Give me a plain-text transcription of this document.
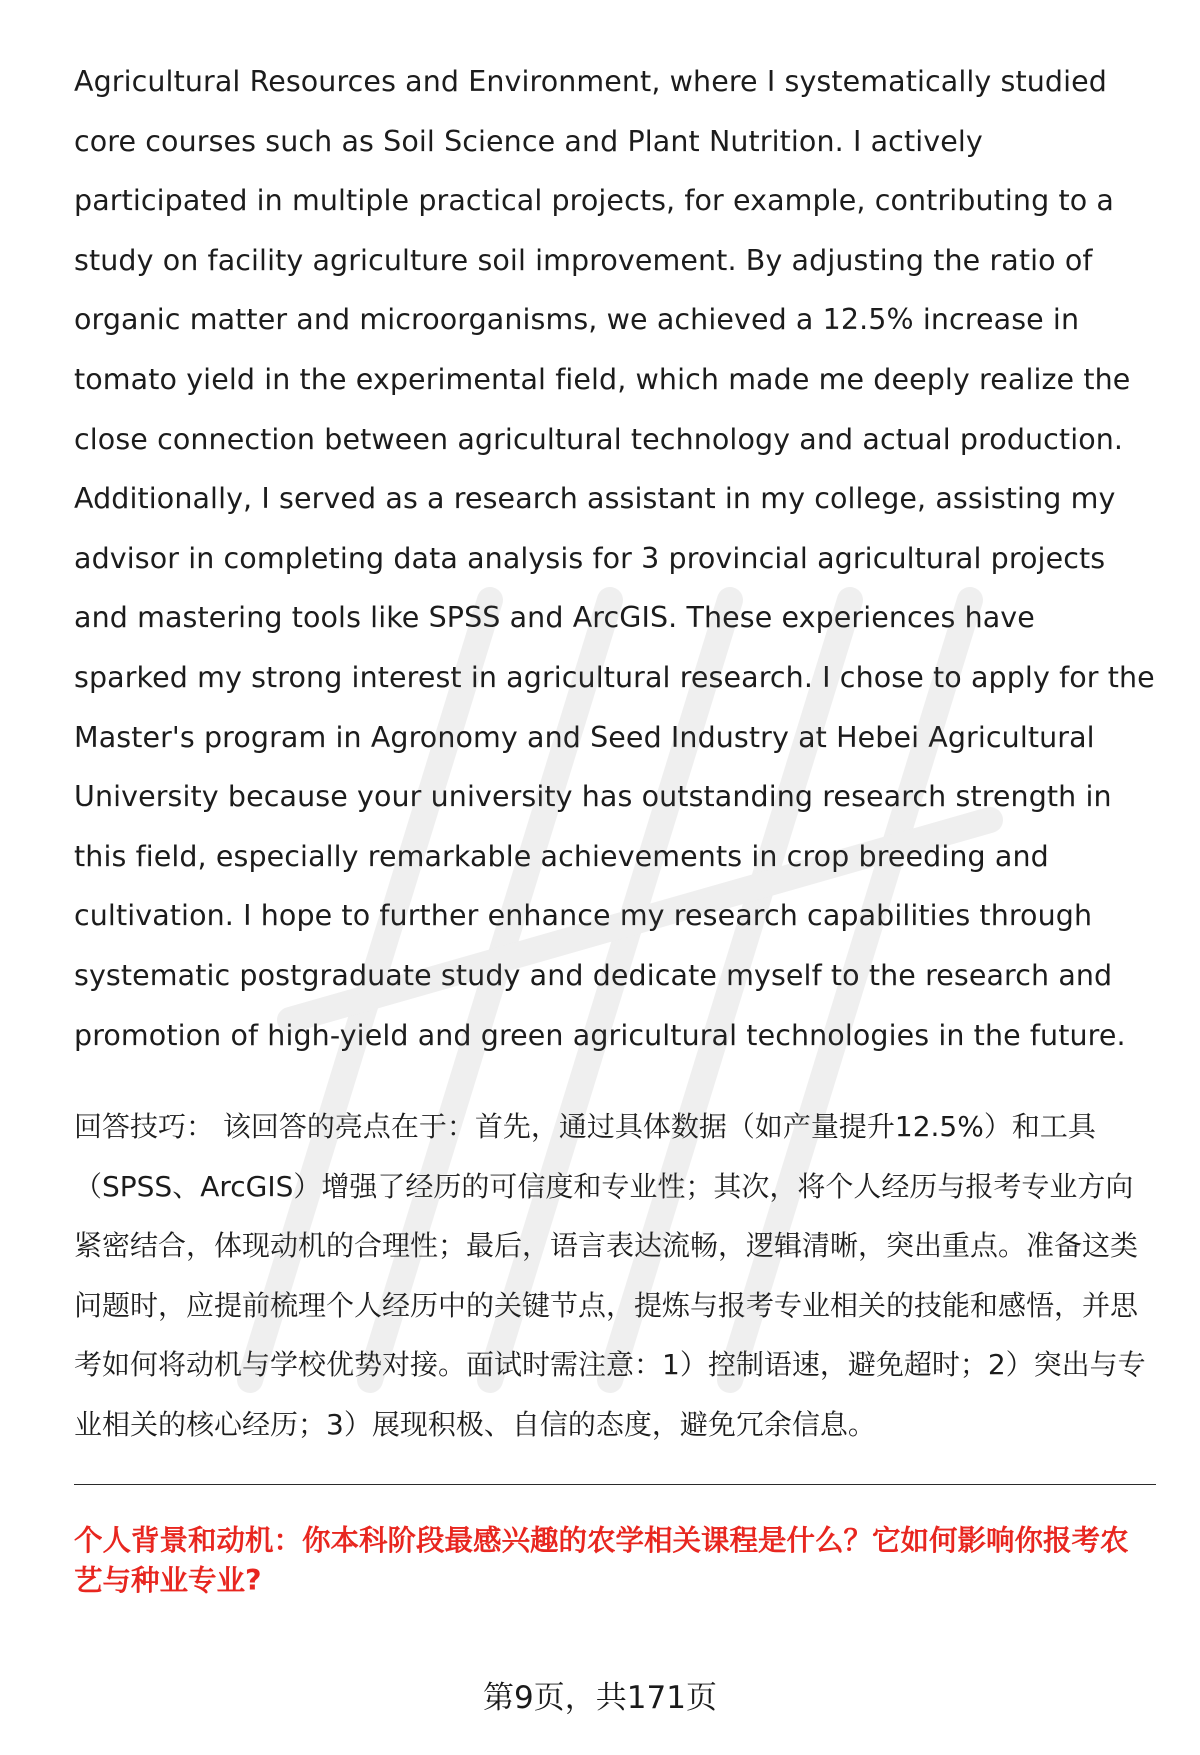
Agricultural Resources and Environment, where I systematically studied core courses such as Soil Science and Plant Nutrition. I actively participated in multiple practical projects, for example, contributing to a study on facility agriculture soil improvement. By adjusting the ratio of organic matter and microorganisms, we achieved a 12.5% increase in tomato yield in the experimental field, which made me deeply realize the close connection between agricultural technology and actual production. Additionally, I served as a research assistant in my college, assisting my advisor in completing data analysis for 3 provincial agricultural projects and mastering tools like SPSS and ArcGIS. These experiences have sparked my strong interest in agricultural research. I chose to apply for the Master's program in Agronomy and Seed Industry at Hebei Agricultural University because your university has outstanding research strength in this field, especially remarkable achievements in crop breeding and cultivation. I hope to further enhance my research capabilities through systematic postgraduate study and dedicate myself to the research and promotion of high-yield and green agricultural technologies in the future.

回答技巧： 该回答的亮点在于：首先，通过具体数据（如产量提升12.5%）和工具（SPSS、ArcGIS）增强了经历的可信度和专业性；其次，将个人经历与报考专业方向紧密结合，体现动机的合理性；最后，语言表达流畅，逻辑清晰，突出重点。准备这类问题时，应提前梳理个人经历中的关键节点，提炼与报考专业相关的技能和感悟，并思考如何将动机与学校优势对接。面试时需注意：1）控制语速，避免超时；2）突出与专业相关的核心经历；3）展现积极、自信的态度，避免冗余信息。

个人背景和动机：你本科阶段最感兴趣的农学相关课程是什么？它如何影响你报考农艺与种业专业?

第9页，共171页
